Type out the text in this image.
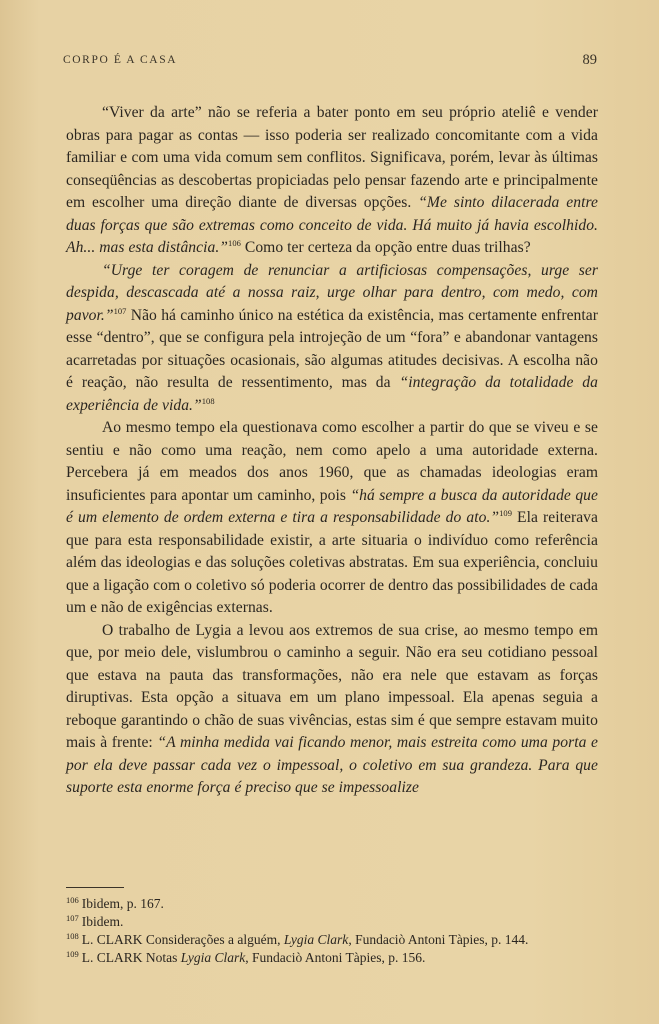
CORPO É A CASA	89

“Viver da arte” não se referia a bater ponto em seu próprio ateliê e vender obras para pagar as contas — isso poderia ser realizado concomitante com a vida familiar e com uma vida comum sem conflitos. Significava, porém, levar às últimas conseqüências as descobertas propiciadas pelo pensar fazendo arte e principalmente em escolher uma direção diante de diversas opções. “Me sinto dilacerada entre duas forças que são extremas como conceito de vida. Há muito já havia escolhido. Ah... mas esta distância.”$^{106}$ Como ter certeza da opção entre duas trilhas?

“Urge ter coragem de renunciar a artificiosas compensações, urge ser despida, descascada até a nossa raiz, urge olhar para dentro, com medo, com pavor.”$^{107}$ Não há caminho único na estética da existência, mas certamente enfrentar esse “dentro”, que se configura pela introjeção de um “fora” e abandonar vantagens acarretadas por situações ocasionais, são algumas atitudes decisivas. A escolha não é reação, não resulta de ressentimento, mas da “integração da totalidade da experiência de vida.”$^{108}$

Ao mesmo tempo ela questionava como escolher a partir do que se viveu e se sentiu e não como uma reação, nem como apelo a uma autoridade externa. Percebera já em meados dos anos 1960, que as chamadas ideologias eram insuficientes para apontar um caminho, pois “há sempre a busca da autoridade que é um elemento de ordem externa e tira a responsabilidade do ato.”$^{109}$ Ela reiterava que para esta responsabilidade existir, a arte situaria o indivíduo como referência além das ideologias e das soluções coletivas abstratas. Em sua experiência, concluiu que a ligação com o coletivo só poderia ocorrer de dentro das possibilidades de cada um e não de exigências externas.

O trabalho de Lygia a levou aos extremos de sua crise, ao mesmo tempo em que, por meio dele, vislumbrou o caminho a seguir. Não era seu cotidiano pessoal que estava na pauta das transformações, não era nele que estavam as forças diruptivas. Esta opção a situava em um plano impessoal. Ela apenas seguia a reboque garantindo o chão de suas vivências, estas sim é que sempre estavam muito mais à frente: “A minha medida vai ficando menor, mais estreita como uma porta e por ela deve passar cada vez o impessoal, o coletivo em sua grandeza. Para que suporte esta enorme força é preciso que se impessoalize

$^{106}$ Ibidem, p. 167.
$^{107}$ Ibidem.
$^{108}$ L. CLARK Considerações a alguém, Lygia Clark, Fundaciò Antoni Tàpies, p. 144.
$^{109}$ L. CLARK Notas Lygia Clark, Fundaciò Antoni Tàpies, p. 156.
